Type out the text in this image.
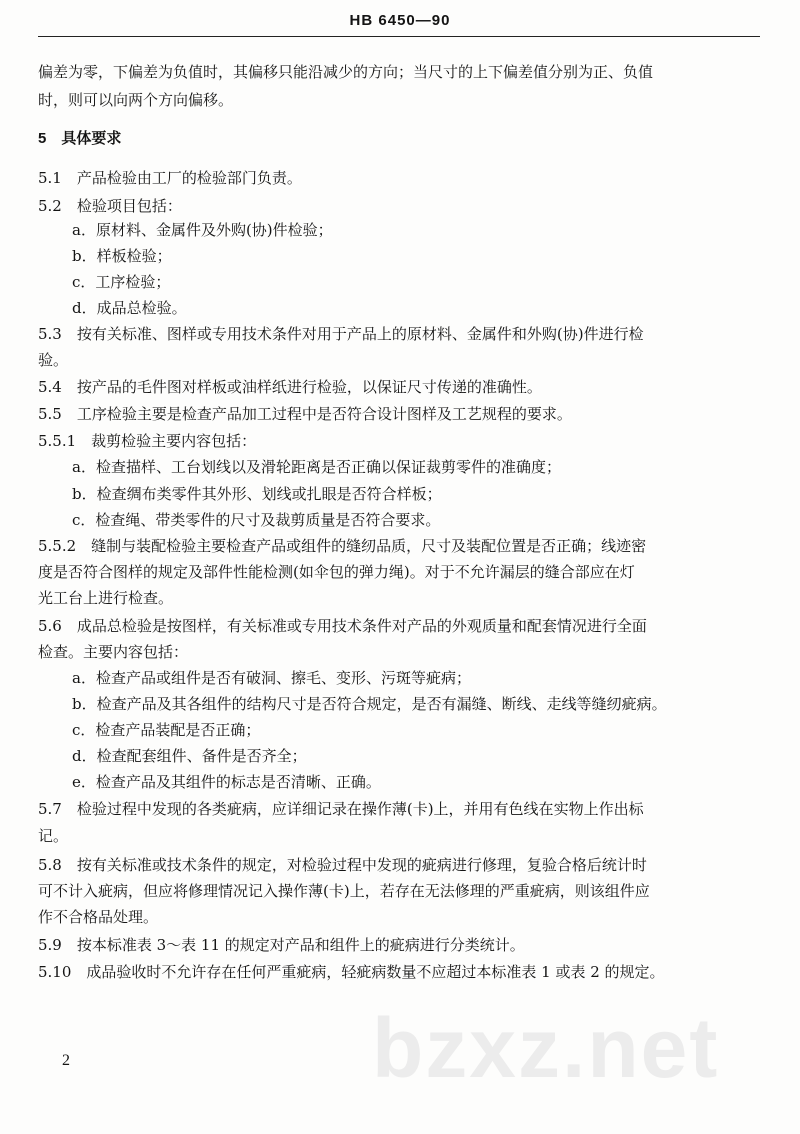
HB 6450—90
偏差为零，下偏差为负值时，其偏移只能沿减少的方向；当尺寸的上下偏差值分别为正、负值
时，则可以向两个方向偏移。
5　具体要求
5.1　产品检验由工厂的检验部门负责。
5.2　检验项目包括：
a．原材料、金属件及外购(协)件检验；
b．样板检验；
c．工序检验；
d．成品总检验。
5.3　按有关标准、图样或专用技术条件对用于产品上的原材料、金属件和外购(协)件进行检
验。
5.4　按产品的毛件图对样板或油样纸进行检验，以保证尺寸传递的准确性。
5.5　工序检验主要是检查产品加工过程中是否符合设计图样及工艺规程的要求。
5.5.1　裁剪检验主要内容包括：
a．检查描样、工台划线以及滑轮距离是否正确以保证裁剪零件的准确度；
b．检查绸布类零件其外形、划线或扎眼是否符合样板；
c．检查绳、带类零件的尺寸及裁剪质量是否符合要求。
5.5.2　缝制与装配检验主要检查产品或组件的缝纫品质，尺寸及装配位置是否正确；线迹密
度是否符合图样的规定及部件性能检测(如伞包的弹力绳)。对于不允许漏层的缝合部应在灯
光工台上进行检查。
5.6　成品总检验是按图样，有关标准或专用技术条件对产品的外观质量和配套情况进行全面
检查。主要内容包括：
a．检查产品或组件是否有破洞、擦毛、变形、污斑等疵病；
b．检查产品及其各组件的结构尺寸是否符合规定，是否有漏缝、断线、走线等缝纫疵病。
c．检查产品装配是否正确；
d．检查配套组件、备件是否齐全；
e．检查产品及其组件的标志是否清晰、正确。
5.7　检验过程中发现的各类疵病，应详细记录在操作薄(卡)上，并用有色线在实物上作出标
记。
5.8　按有关标准或技术条件的规定，对检验过程中发现的疵病进行修理，复验合格后统计时
可不计入疵病，但应将修理情况记入操作薄(卡)上，若存在无法修理的严重疵病，则该组件应
作不合格品处理。
5.9　按本标准表 3～表 11 的规定对产品和组件上的疵病进行分类统计。
5.10　成品验收时不允许存在任何严重疵病，轻疵病数量不应超过本标准表 1 或表 2 的规定。
bzxz.net
2
